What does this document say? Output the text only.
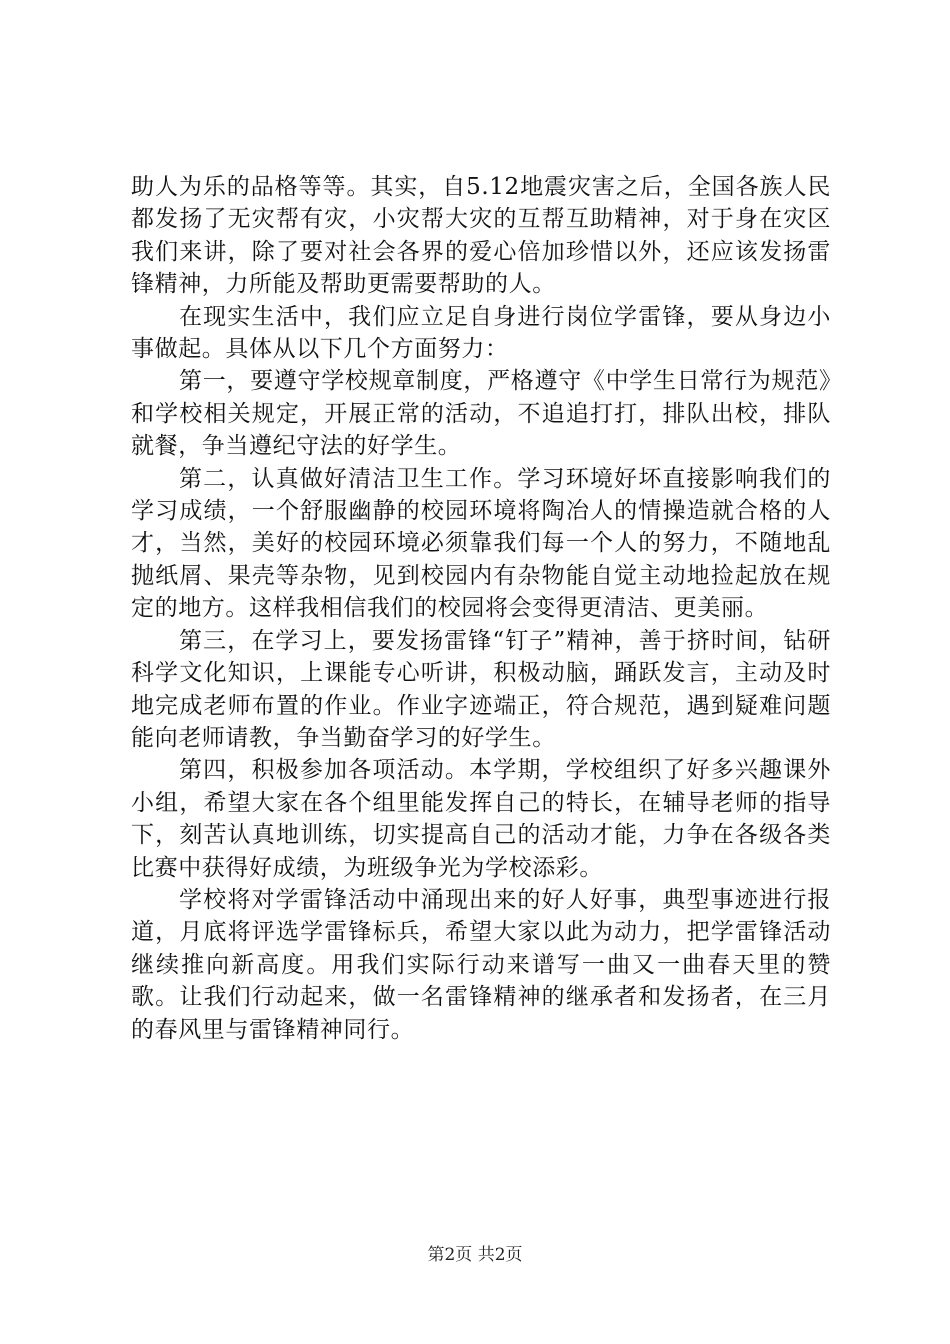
助人为乐的品格等等。其实，自5.12地震灾害之后，全国各族人民都发扬了无灾帮有灾，小灾帮大灾的互帮互助精神，对于身在灾区我们来讲，除了要对社会各界的爱心倍加珍惜以外，还应该发扬雷锋精神，力所能及帮助更需要帮助的人。

在现实生活中，我们应立足自身进行岗位学雷锋，要从身边小事做起。具体从以下几个方面努力：

第一，要遵守学校规章制度，严格遵守《中学生日常行为规范》和学校相关规定，开展正常的活动，不追追打打，排队出校，排队就餐，争当遵纪守法的好学生。

第二，认真做好清洁卫生工作。学习环境好坏直接影响我们的学习成绩，一个舒服幽静的校园环境将陶冶人的情操造就合格的人才，当然，美好的校园环境必须靠我们每一个人的努力，不随地乱抛纸屑、果壳等杂物，见到校园内有杂物能自觉主动地捡起放在规定的地方。这样我相信我们的校园将会变得更清洁、更美丽。

第三，在学习上，要发扬雷锋“钉子”精神，善于挤时间，钻研科学文化知识，上课能专心听讲，积极动脑，踊跃发言，主动及时地完成老师布置的作业。作业字迹端正，符合规范，遇到疑难问题能向老师请教，争当勤奋学习的好学生。

第四，积极参加各项活动。本学期，学校组织了好多兴趣课外小组，希望大家在各个组里能发挥自己的特长，在辅导老师的指导下，刻苦认真地训练，切实提高自己的活动才能，力争在各级各类比赛中获得好成绩，为班级争光为学校添彩。

学校将对学雷锋活动中涌现出来的好人好事，典型事迹进行报道，月底将评选学雷锋标兵，希望大家以此为动力，把学雷锋活动继续推向新高度。用我们实际行动来谱写一曲又一曲春天里的赞歌。让我们行动起来，做一名雷锋精神的继承者和发扬者，在三月的春风里与雷锋精神同行。

第2页 共2页
